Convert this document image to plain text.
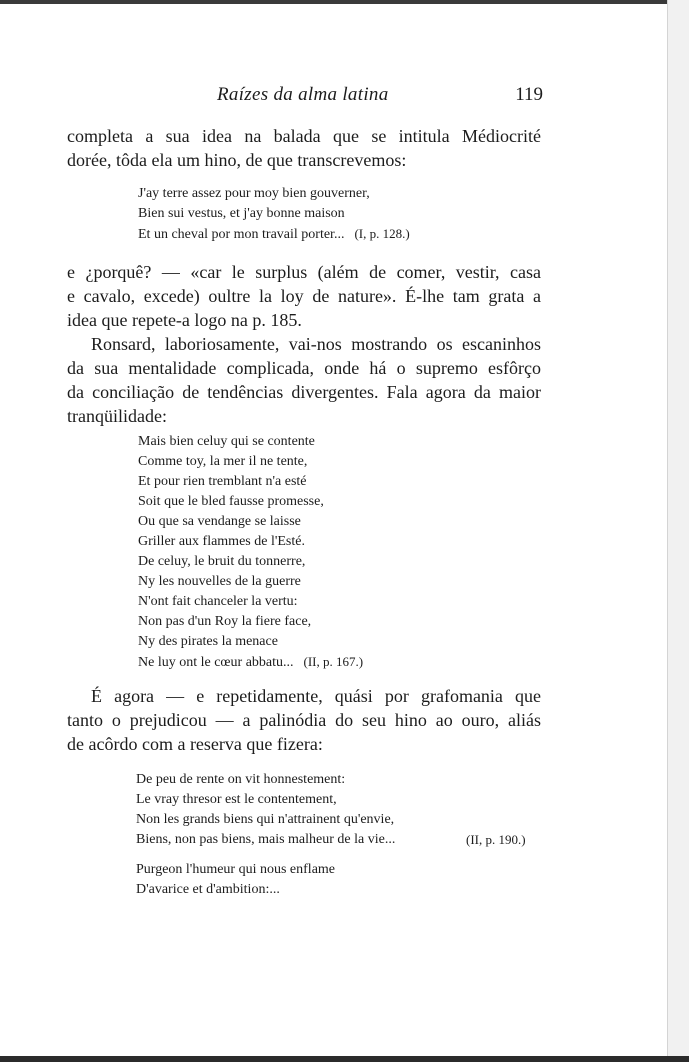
Raízes da alma latina	119
completa a sua idea na balada que se intitula Médiocrité
dorée, tôda ela um hino, de que transcrevemos:
J'ay terre assez pour moy bien gouverner,
Bien sui vestus, et j'ay bonne maison
Et un cheval por mon travail porter... (I, p. 128.)
e ¿porquê? — «car le surplus (além de comer, vestir, casa
e cavalo, excede) oultre la loy de nature». É-lhe tam grata a
idea que repete-a logo na p. 185.
Ronsard, laboriosamente, vai-nos mostrando os escaninhos
da sua mentalidade complicada, onde há o supremo esfôrço
da conciliação de tendências divergentes. Fala agora da maior
tranqüilidade:
Mais bien celuy qui se contente
Comme toy, la mer il ne tente,
Et pour rien tremblant n'a esté
Soit que le bled fausse promesse,
Ou que sa vendange se laisse
Griller aux flammes de l'Esté.
De celuy, le bruit du tonnerre,
Ny les nouvelles de la guerre
N'ont fait chanceler la vertu:
Non pas d'un Roy la fiere face,
Ny des pirates la menace
Ne luy ont le cœur abbatu... (II, p. 167.)
É agora — e repetidamente, quási por grafomania que
tanto o prejudicou — a palinódia do seu hino ao ouro, aliás
de acôrdo com a reserva que fizera:
De peu de rente on vit honnestement:
Le vray thresor est le contentement,
Non les grands biens qui n'attrainent qu'envie,
Biens, non pas biens, mais malheur de la vie...	(II, p. 190.)
Purgeon l'humeur qui nous enflame
D'avarice et d'ambition:...
